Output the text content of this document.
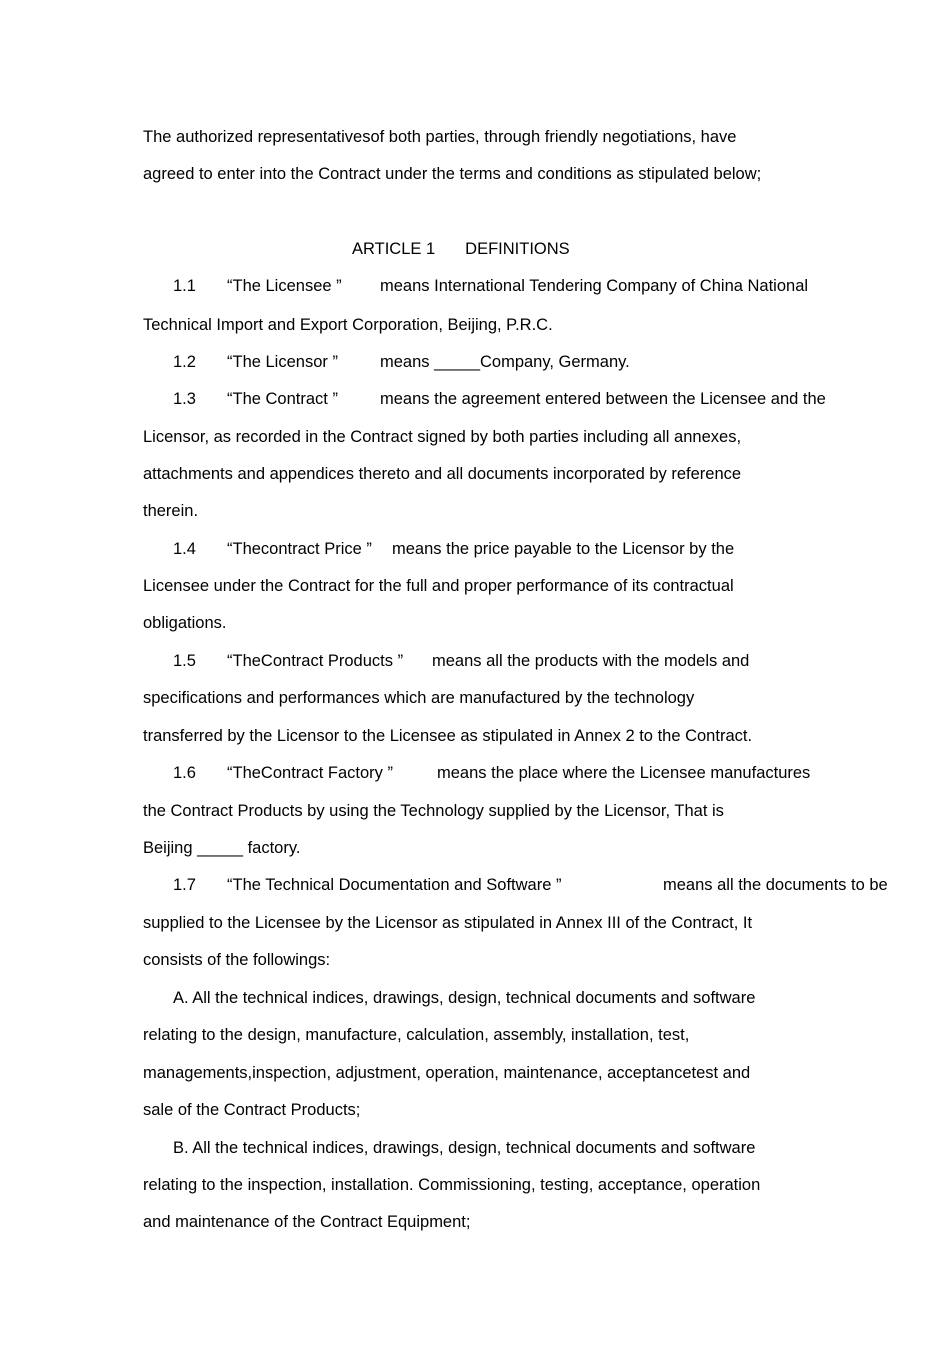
The authorized representativesof both parties, through friendly negotiations, have
agreed to enter into the Contract under the terms and conditions as stipulated below;
ARTICLE 1 DEFINITIONS
1.1 “The Licensee ” means International Tendering Company of China National
Technical Import and Export Corporation, Beijing, P.R.C.
1.2 “The Licensor ”	means _____Company, Germany.
1.3 “The Contract ”	means the agreement entered between the Licensee and the
Licensor, as recorded in the Contract signed by both parties including all annexes,
attachments and appendices thereto and all documents incorporated by reference
therein.
1.4 “Thecontract Price ” means the price payable to the Licensor by the
Licensee under the Contract for the full and proper performance of its contractual
obligations.
1.5 “TheContract Products ” means all the products with the models and
specifications and performances which are manufactured by the technology
transferred by the Licensor to the Licensee as stipulated in Annex 2 to the Contract.
1.6 “TheContract Factory ”	means the place where the Licensee manufactures
the Contract Products by using the Technology supplied by the Licensor, That is
Beijing _____ factory.
1.7 “The Technical Documentation and Software ”	means all the documents to be
supplied to the Licensee by the Licensor as stipulated in Annex III of the Contract, It
consists of the followings:
A. All the technical indices, drawings, design, technical documents and software
relating to the design, manufacture, calculation, assembly, installation, test,
managements,inspection, adjustment, operation, maintenance, acceptancetest and
sale of the Contract Products;
B. All the technical indices, drawings, design, technical documents and software
relating to the inspection, installation. Commissioning, testing, acceptance, operation
and maintenance of the Contract Equipment;
